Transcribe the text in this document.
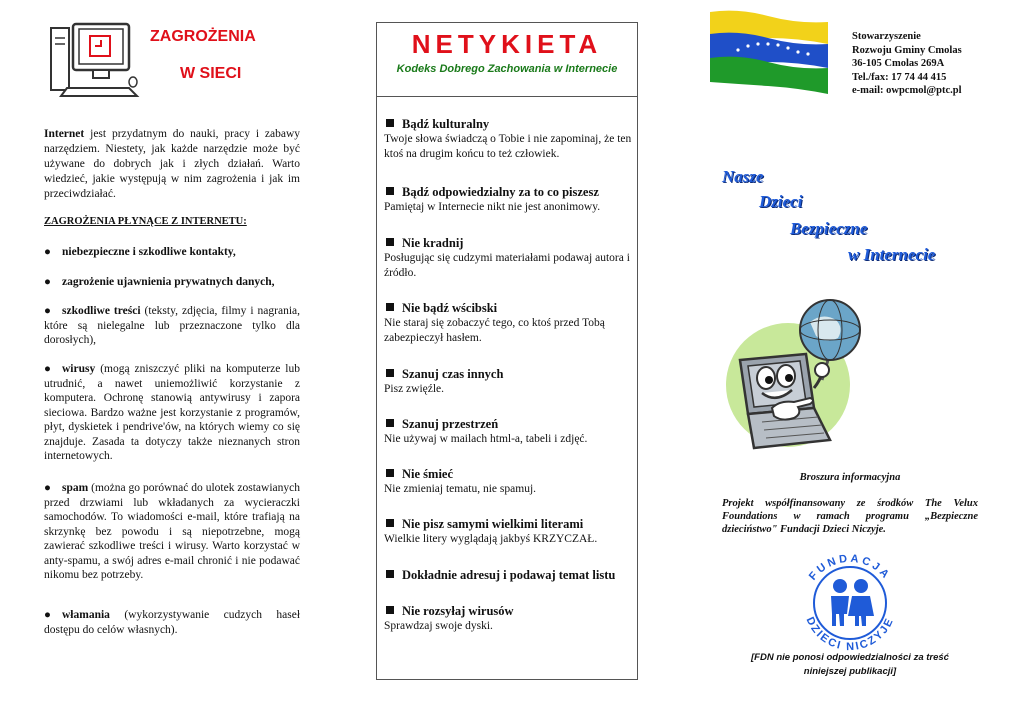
ZAGROŻENIA
W SIECI
Internet jest przydatnym do nauki, pracy i zabawy narzędziem. Niestety, jak każde narzędzie może być używane do dobrych jak i złych działań. Warto wiedzieć, jakie występują w nim zagrożenia i jak im przeciwdziałać.
ZAGROŻENIA PŁYNĄCE Z INTERNETU:
● niebezpieczne i szkodliwe kontakty,
● zagrożenie ujawnienia prywatnych danych,
● szkodliwe treści (teksty, zdjęcia, filmy i nagrania, które są nielegalne lub przeznaczone tylko dla dorosłych),
● wirusy (mogą zniszczyć pliki na komputerze lub utrudnić, a nawet uniemożliwić korzystanie z komputera. Ochronę stanowią antywirusy i zapora sieciowa. Bardzo ważne jest korzystanie z programów, płyt, dyskietek i pendrive'ów, na których wiemy co się znajduje. Zasada ta dotyczy także nieznanych stron internetowych.
● spam (można go porównać do ulotek zostawianych przed drzwiami lub wkładanych za wycieraczki samochodów. To wiadomości e-mail, które trafiają na skrzynkę bez powodu i są niepotrzebne, mogą zawierać szkodliwe treści i wirusy. Warto korzystać w anty-spamu, a swój adres e-mail chronić i nie podawać nikomu bez potrzeby.
● włamania (wykorzystywanie cudzych haseł dostępu do celów własnych).
NETYKIETA
Kodeks Dobrego Zachowania w Internecie
Bądź kulturalny
Twoje słowa świadczą o Tobie i nie zapominaj, że ten ktoś na drugim końcu to też człowiek.
Bądź odpowiedzialny za to co piszesz
Pamiętaj w Internecie nikt nie jest anonimowy.
Nie kradnij
Posługując się cudzymi materiałami podawaj autora i źródło.
Nie bądź wścibski
Nie staraj się zobaczyć tego, co ktoś przed Tobą zabezpieczył hasłem.
Szanuj czas innych
Pisz zwięźle.
Szanuj przestrzeń
Nie używaj w mailach html-a, tabeli i zdjęć.
Nie śmieć
Nie zmieniaj tematu, nie spamuj.
Nie pisz samymi wielkimi literami
Wielkie litery wyglądają jakbyś KRZYCZAŁ.
Dokładnie adresuj i podawaj temat listu
Nie rozsyłaj wirusów
Sprawdzaj swoje dyski.
Stowarzyszenie
Rozwoju Gminy Cmolas
36-105 Cmolas 269A
Tel./fax: 17 74 44 415
e-mail: owpcmol@ptc.pl
Nasze
Dzieci
Bezpieczne
w Internecie
Broszura informacyjna
Projekt współfinansowany ze środków The Velux Foundations w ramach programu „Bezpieczne dzieciństwo" Fundacji Dzieci Niczyje.
FUNDACJA
DZIECI NICZYJE
[FDN nie ponosi odpowiedzialności za treść
niniejszej publikacji]
